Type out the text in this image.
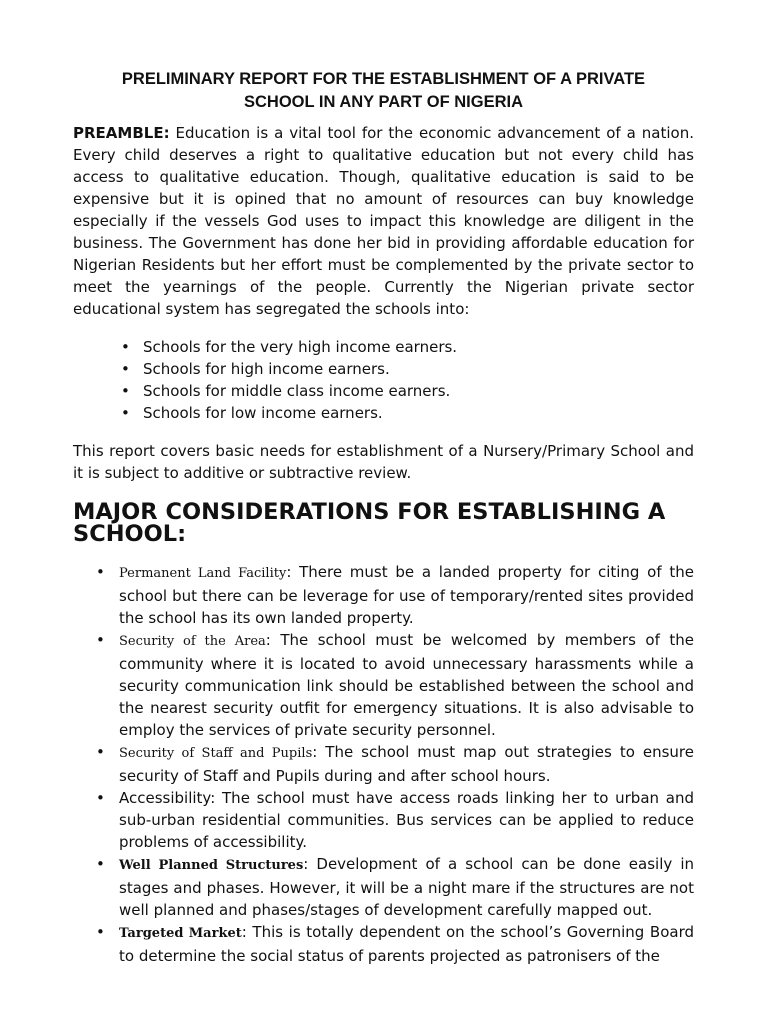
PRELIMINARY REPORT FOR THE ESTABLISHMENT OF A PRIVATE
SCHOOL IN ANY PART OF NIGERIA

PREAMBLE: Education is a vital tool for the economic advancement of a nation. Every child deserves a right to qualitative education but not every child has access to qualitative education. Though, qualitative education is said to be expensive but it is opined that no amount of resources can buy knowledge especially if the vessels God uses to impact this knowledge are diligent in the business. The Government has done her bid in providing affordable education for Nigerian Residents but her effort must be complemented by the private sector to meet the yearnings of the people. Currently the Nigerian private sector educational system has segregated the schools into:

• Schools for the very high income earners.
• Schools for high income earners.
• Schools for middle class income earners.
• Schools for low income earners.

This report covers basic needs for establishment of a Nursery/Primary School and it is subject to additive or subtractive review.

MAJOR CONSIDERATIONS FOR ESTABLISHING A SCHOOL:
• Permanent Land Facility: There must be a landed property for citing of the school but there can be leverage for use of temporary/rented sites provided the school has its own landed property.
• Security of the Area: The school must be welcomed by members of the community where it is located to avoid unnecessary harassments while a security communication link should be established between the school and the nearest security outfit for emergency situations. It is also advisable to employ the services of private security personnel.
• Security of Staff and Pupils: The school must map out strategies to ensure security of Staff and Pupils during and after school hours.
• Accessibility: The school must have access roads linking her to urban and sub-urban residential communities. Bus services can be applied to reduce problems of accessibility.
• Well Planned Structures: Development of a school can be done easily in stages and phases. However, it will be a night mare if the structures are not well planned and phases/stages of development carefully mapped out.
• Targeted Market: This is totally dependent on the school’s Governing Board to determine the social status of parents projected as patronisers of the
